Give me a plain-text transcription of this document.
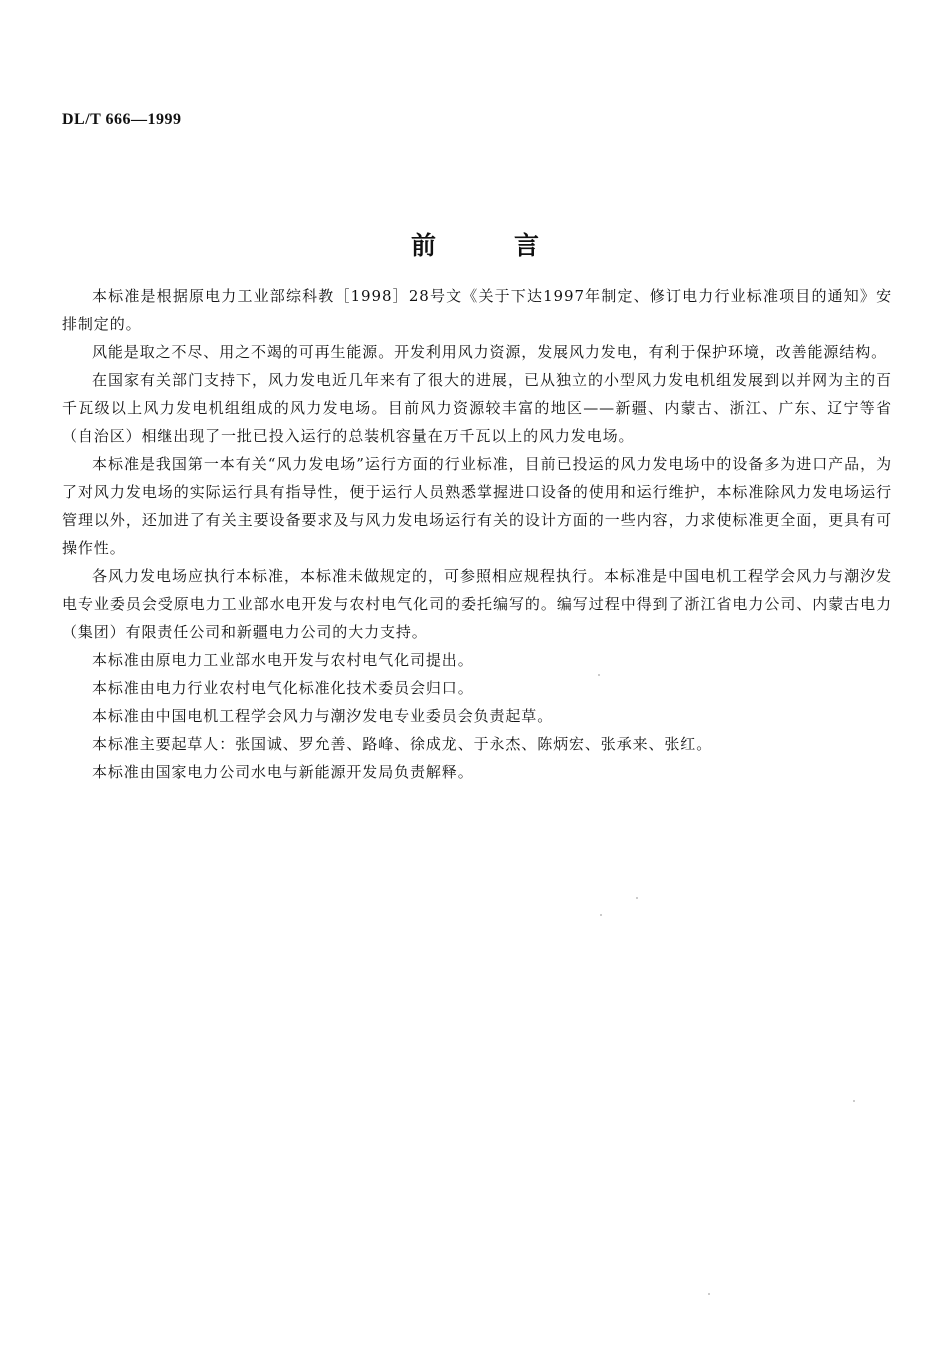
DL/T 666—1999
前言

本标准是根据原电力工业部综科教［1998］28号文《关于下达1997年制定、修订电力行业标准项目的通知》安排制定的。

风能是取之不尽、用之不竭的可再生能源。开发利用风力资源，发展风力发电，有利于保护环境，改善能源结构。

在国家有关部门支持下，风力发电近几年来有了很大的进展，已从独立的小型风力发电机组发展到以并网为主的百千瓦级以上风力发电机组组成的风力发电场。目前风力资源较丰富的地区——新疆、内蒙古、浙江、广东、辽宁等省（自治区）相继出现了一批已投入运行的总装机容量在万千瓦以上的风力发电场。

本标准是我国第一本有关“风力发电场”运行方面的行业标准，目前已投运的风力发电场中的设备多为进口产品，为了对风力发电场的实际运行具有指导性，便于运行人员熟悉掌握进口设备的使用和运行维护，本标准除风力发电场运行管理以外，还加进了有关主要设备要求及与风力发电场运行有关的设计方面的一些内容，力求使标准更全面，更具有可操作性。

各风力发电场应执行本标准，本标准未做规定的，可参照相应规程执行。本标准是中国电机工程学会风力与潮汐发电专业委员会受原电力工业部水电开发与农村电气化司的委托编写的。编写过程中得到了浙江省电力公司、内蒙古电力（集团）有限责任公司和新疆电力公司的大力支持。

本标准由原电力工业部水电开发与农村电气化司提出。

本标准由电力行业农村电气化标准化技术委员会归口。

本标准由中国电机工程学会风力与潮汐发电专业委员会负责起草。

本标准主要起草人：张国诚、罗允善、路峰、徐成龙、于永杰、陈炳宏、张承来、张红。

本标准由国家电力公司水电与新能源开发局负责解释。
